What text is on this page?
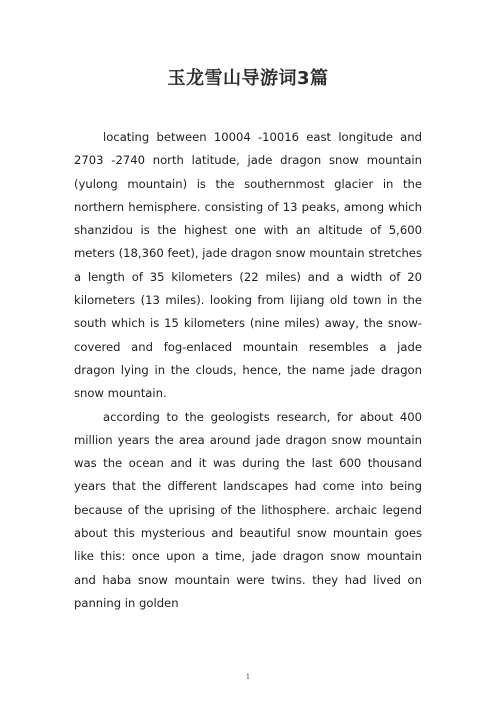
玉龙雪山导游词3篇

locating between 10004 -10016 east longitude and 2703 -2740 north latitude, jade dragon snow mountain (yulong mountain) is the southernmost glacier in the northern hemisphere. consisting of 13 peaks, among which shanzidou is the highest one with an altitude of 5,600 meters (18,360 feet), jade dragon snow mountain stretches a length of 35 kilometers (22 miles) and a width of 20 kilometers (13 miles). looking from lijiang old town in the south which is 15 kilometers (nine miles) away, the snow-covered and fog-enlaced mountain resembles a jade dragon lying in the clouds, hence, the name jade dragon snow mountain.

according to the geologists research, for about 400 million years the area around jade dragon snow mountain was the ocean and it was during the last 600 thousand years that the different landscapes had come into being because of the uprising of the lithosphere. archaic legend about this mysterious and beautiful snow mountain goes like this: once upon a time, jade dragon snow mountain and haba snow mountain were twins. they had lived on panning in golden

1
